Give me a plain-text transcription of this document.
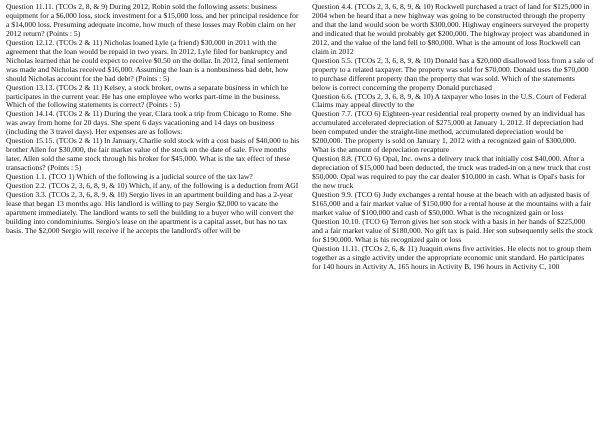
Question 11.11. (TCOs 2, 8, & 9) During 2012, Robin sold the following assets: business equipment for a $6,000 loss, stock investment for a $15,000 loss, and her principal residence for a $14,000 loss. Presuming adequate income, how much of these losses may Robin claim on her 2012 return? (Points : 5)

Question 12.12. (TCOs 2 & 11) Nicholas loaned Lyle (a friend) $30,000 in 2011 with the agreement that the loan would be repaid in two years. In 2012, Lyle filed for bankruptcy and Nicholas learned that he could expect to receive $0.50 on the dollar. In 2012, final settlement was made and Nicholas received $16,000. Assuming the loan is a nonbusiness bad debt, how should Nicholas account for the bad debt? (Points : 5)

Question 13.13. (TCOs 2 & 11) Kelsey, a stock broker, owns a separate business in which he participates in the current year. He has one employee who works part-time in the business. Which of the following statements is correct? (Points : 5)

Question 14.14. (TCOs 2 & 11) During the year, Clara took a trip from Chicago to Rome. She was away from home for 20 days. She spent 6 days vacationing and 14 days on business (including the 3 travel days). Her expenses are as follows:

Question 15.15. (TCOs 2 & 11) In January, Charlie sold stock with a cost basis of $40,000 to his brother Allen for $30,000, the fair market value of the stock on the date of sale. Five months later, Allen sold the same stock through his broker for $45,000. What is the tax effect of these transactions? (Points : 5)

Question 1.1. (TCO 1) Which of the following is a judicial source of the tax law?

Question 2.2. (TCOs 2, 3, 6, 8, 9, & 10) Which, if any, of the following is a deduction from AGI

Question 3.3. (TCOs 2, 3, 6, 8, 9, & 10) Sergio lives in an apartment building and has a 2-year lease that began 13 months ago. His landlord is willing to pay Sergio $2,000 to vacate the apartment immediately. The landlord wants to sell the building to a buyer who will convert the building into condominiums. Sergio's lease on the apartment is a capital asset, but has no tax basis. The $2,000 Sergio will receive if he accepts the landlord's offer will be

Question 4.4. (TCOs 2, 3, 6, 8, 9, & 10) Rockwell purchased a tract of land for $125,000 in 2004 when he heard that a new highway was going to be constructed through the property and that the land would soon be worth $300,000. Highway engineers surveyed the property and indicated that he would probably get $200,000. The highway project was abandoned in 2012, and the value of the land fell to $80,000. What is the amount of loss Rockwell can claim in 2012

Question 5.5. (TCOs 2, 3, 6, 8, 9, & 10) Donald has a $20,000 disallowed loss from a sale of property to a related taxpayer. The property was sold for $70,000. Donald uses the $70,000 to purchase different property than the property that was sold. Which of the statements below is correct concerning the property Donald purchased

Question 6.6. (TCOs 2, 3, 6, 8, 9, & 10) A taxpayer who loses in the U.S. Court of Federal Claims may appeal directly to the

Question 7.7. (TCO 6) Eighteen-year residential real property owned by an individual has accumulated accelerated depreciation of $275,000 at January 1, 2012. If depreciation had been computed under the straight-line method, accumulated depreciation would be $200,000. The property is sold on January 1, 2012 with a recognized gain of $300,000. What is the amount of depreciation recapture

Question 8.8. (TCO 6) Opal, Inc. owns a delivery truck that initially cost $40,000. After a depreciation of $15,000 had been deducted, the truck was traded-in on a new truck that cost $50,000. Opal was required to pay the car dealer $10,000 in cash. What is Opal's basis for the new truck

Question 9.9. (TCO 6) Judy exchanges a rental house at the beach with an adjusted basis of $165,000 and a fair market value of $150,000 for a rental house at the mountains with a fair market value of $100,000 and cash of $50,000. What is the recognized gain or loss

Question 10.10. (TCO 6) Terron gives her son stock with a basis in her hands of $225,000 and a fair market value of $180,000. No gift tax is paid. Her son subsequently sells the stock for $190,000. What is his recognized gain or loss

Question 11.11. (TCOs 2, 6, & 11) Juaquin owns five activities. He elects not to group them together as a single activity under the appropriate economic unit standard. He participates for 140 hours in Activity A, 165 hours in Activity B, 196 hours in Activity C, 100
